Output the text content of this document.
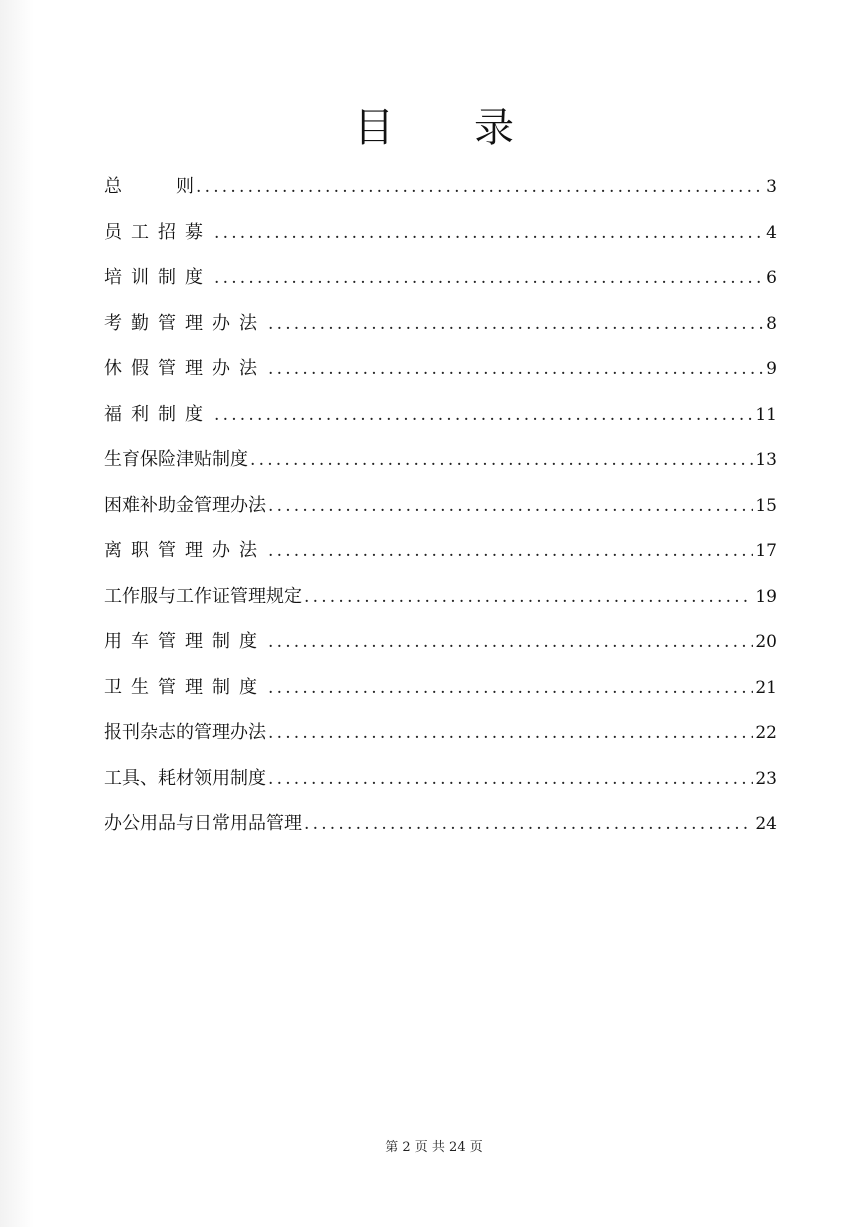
目　　录
总　　　则 .....	3
员工招募 .....	4
培训制度 .....	6
考勤管理办法 .....	8
休假管理办法 .....	9
福利制度 .....	11
生育保险津贴制度 .....	13
困难补助金管理办法 .....	15
离职管理办法 .....	17
工作服与工作证管理规定 .....	19
用车管理制度 .....	20
卫生管理制度 .....	21
报刊杂志的管理办法 .....	22
工具、耗材领用制度 .....	23
办公用品与日常用品管理 .....	24
第 2 页 共 24 页
